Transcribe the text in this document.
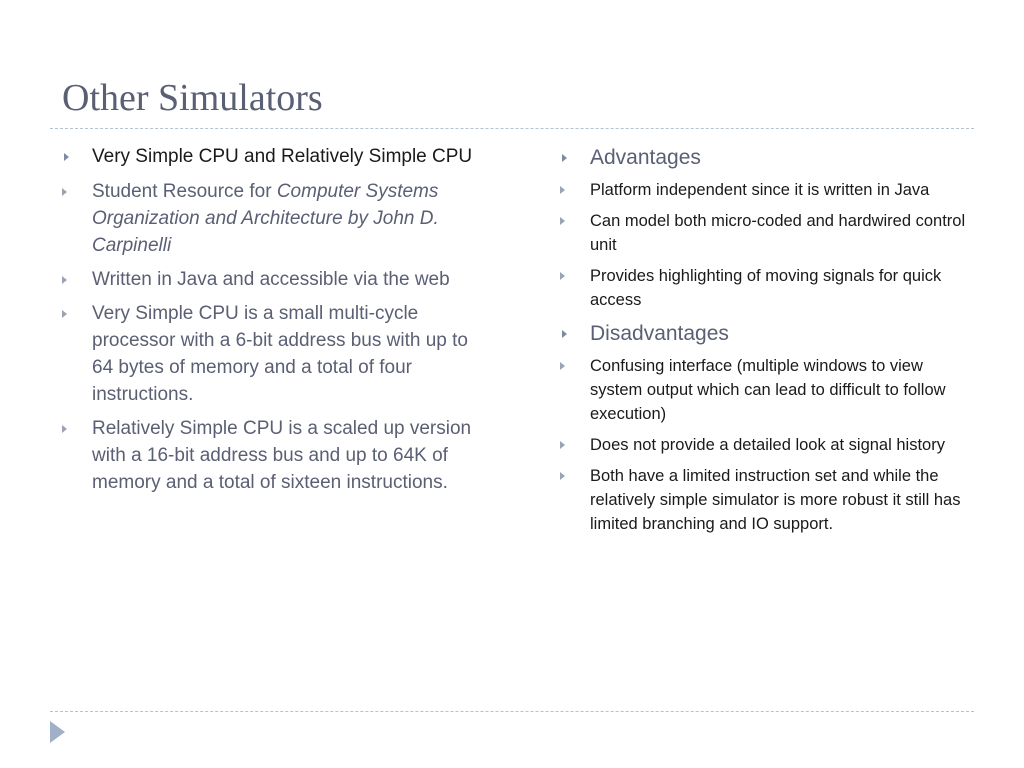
Other Simulators
Very Simple CPU and Relatively Simple CPU
Student Resource for Computer Systems Organization and Architecture by John D. Carpinelli
Written in Java and accessible via the web
Very Simple CPU is a small multi-cycle processor with a 6-bit address bus with up to 64 bytes of memory and a total of four instructions.
Relatively Simple CPU is a scaled up version with a 16-bit address bus and up to 64K of memory and a total of sixteen instructions.
Advantages
Platform independent since it is written in Java
Can model both micro-coded and hardwired control unit
Provides highlighting of moving signals for quick access
Disadvantages
Confusing interface (multiple windows to view system output which can lead to difficult to follow execution)
Does not provide a detailed look at signal history
Both have a limited instruction set and while the relatively simple simulator is more robust it still has limited branching and IO support.
